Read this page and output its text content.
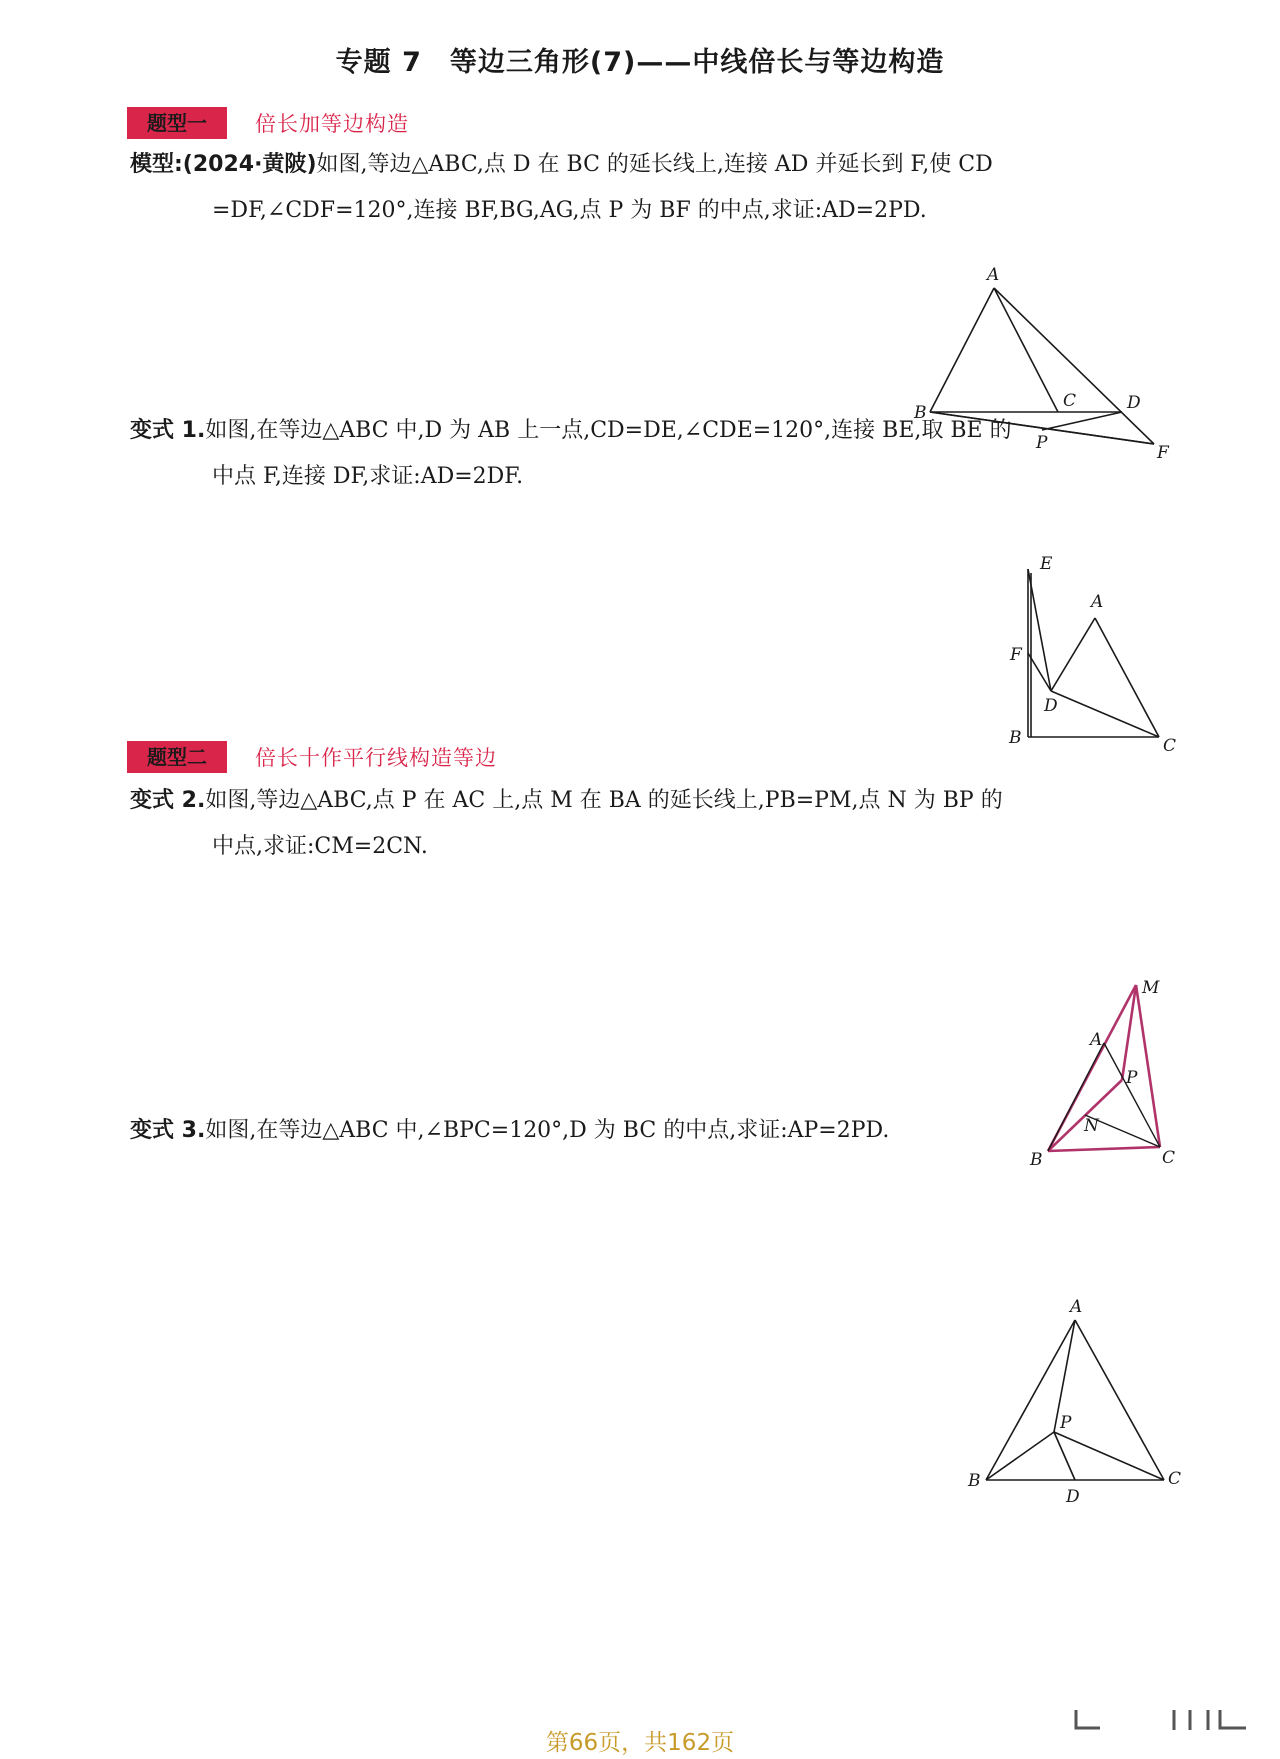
专题 7　等边三角形(7)——中线倍长与等边构造
题型一	倍长加等边构造
模型:(2024·黄陂)如图,等边△ABC,点 D 在 BC 的延长线上,连接 AD 并延长到 F,使 CD
=DF,∠CDF=120°,连接 BF,BG,AG,点 P 为 BF 的中点,求证:AD=2PD.
A
B
C	D
P	F
变式 1.如图,在等边△ABC 中,D 为 AB 上一点,CD=DE,∠CDE=120°,连接 BE,取 BE 的
中点 F,连接 DF,求证:AD=2DF.
E
A
F
D
B	C
题型二	倍长十作平行线构造等边
变式 2.如图,等边△ABC,点 P 在 AC 上,点 M 在 BA 的延长线上,PB=PM,点 N 为 BP 的
中点,求证:CM=2CN.
M
A
P
N
B	C
变式 3.如图,在等边△ABC 中,∠BPC=120°,D 为 BC 的中点,求证:AP=2PD.
A
P
B
D
C
第66页，共162页
